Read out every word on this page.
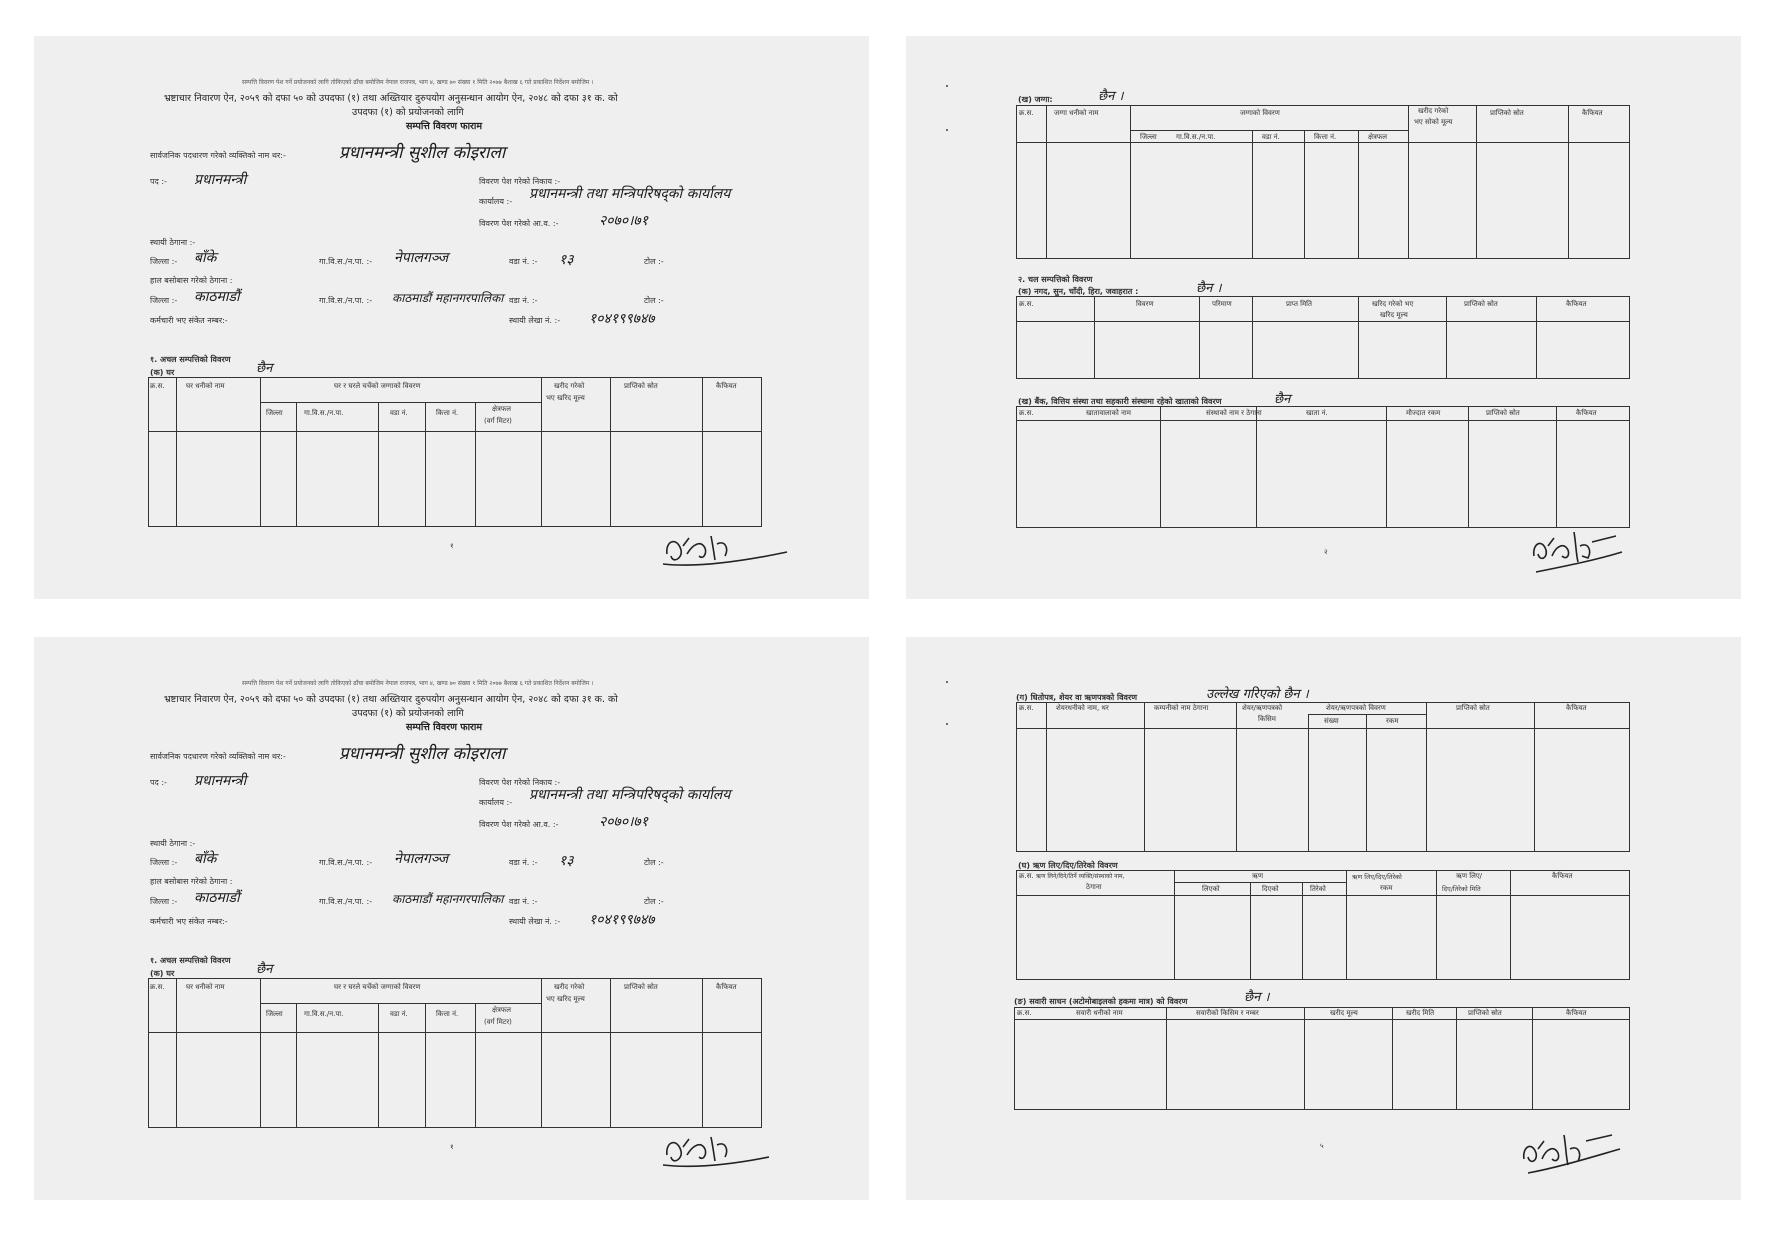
सम्पत्ति विवरण पेश गर्ने प्रयोजनको लागि तोकिएको ढाँचा बमोजिम नेपाल राजपत्र, भाग ४, खण्ड ७० संख्या १ मिति २०७७ बैशाख ६ गते प्रकाशित निर्देशन बमोजिम ।
भ्रष्टाचार निवारण ऐन, २०५९ को दफा ५० को उपदफा (१) तथा अख्तियार दुरुपयोग अनुसन्धान आयोग ऐन, २०४८ को दफा ३१ क. को
उपदफा (१) को प्रयोजनको लागि
सम्पत्ति विवरण फाराम
सार्वजनिक पदधारण गरेको व्यक्तिको नाम थर:-	प्रधानमन्त्री सुशील कोइराला
पद :- प्रधानमन्त्री	विवरण पेश गरेको निकाय :-
कार्यालय :- प्रधानमन्त्री तथा मन्त्रिपरिषद्को कार्यालय
विवरण पेश गरेको आ.व. :-	२०७०।७१
स्थायी ठेगाना :-
जिल्ला :- बाँके	गा.वि.स./न.पा. :- नेपालगञ्ज	वडा नं. :- १३	टोल :-
हाल बसोबास गरेको ठेगाना :
जिल्ला :- काठमाडौं	गा.वि.स./न.पा. :- काठमाडौं महानगरपालिका वडा नं. :-	टोल :-
कर्मचारी भए संकेत नम्बर:-	स्थायी लेखा नं. :- १०४१९९७४७
१. अचल सम्पत्तिको विवरण
(क) घर	छैन
क्र.स.	घर धनीको नाम	घर र घरले चर्चेको जग्गाको विवरण
जिल्ला	गा.वि.स./न.पा.	वडा नं.	कित्ता नं.	क्षेत्रफल
(वर्ग मिटर)
खरीद गरेको
भए खरिद मूल्य
प्राप्तिको स्रोत	कैफियत
१
(ख) जग्गा:	छैन ।
क्र.स.	जग्गा धनीको नाम	जग्गाको विवरण
जिल्ला	गा.वि.स./न.पा.	वडा नं.	कित्ता नं.	क्षेत्रफल
खरीद गरेको
भए सोको मूल्य
प्राप्तिको स्रोत	कैफियत
२. चल सम्पत्तिको विवरण
(क) नगद, सुन, चाँदी, हिरा, जवाहरात :	छैन ।
क्र.स.	विवरण	परिमाण	प्राप्त मिति	खरिद गरेको भए
खरिद मूल्य
प्राप्तिको स्रोत	कैफियत
(ख) बैंक, वित्तिय संस्था तथा सहकारी संस्थामा रहेको खाताको विवरण	छैन
क्र.स.	खातावालाको नाम	संस्थाको नाम र ठेगाना	खाता नं.	मौज्दात रकम	प्राप्तिको स्रोत	कैफियत
२
सम्पत्ति विवरण पेश गर्ने प्रयोजनको लागि तोकिएको ढाँचा बमोजिम नेपाल राजपत्र, भाग ४, खण्ड ७० संख्या १ मिति २०७७ बैशाख ६ गते प्रकाशित निर्देशन बमोजिम ।
भ्रष्टाचार निवारण ऐन, २०५९ को दफा ५० को उपदफा (१) तथा अख्तियार दुरुपयोग अनुसन्धान आयोग ऐन, २०४८ को दफा ३१ क. को
उपदफा (१) को प्रयोजनको लागि
सम्पत्ति विवरण फाराम
सार्वजनिक पदधारण गरेको व्यक्तिको नाम थर:-	प्रधानमन्त्री सुशील कोइराला
पद :- प्रधानमन्त्री	विवरण पेश गरेको निकाय :-
कार्यालय :- प्रधानमन्त्री तथा मन्त्रिपरिषद्को कार्यालय
विवरण पेश गरेको आ.व. :-	२०७०।७१
स्थायी ठेगाना :-
जिल्ला :- बाँके	गा.वि.स./न.पा. :- नेपालगञ्ज	वडा नं. :- १३	टोल :-
हाल बसोबास गरेको ठेगाना :
जिल्ला :- काठमाडौं	गा.वि.स./न.पा. :- काठमाडौं महानगरपालिका वडा नं. :-	टोल :-
कर्मचारी भए संकेत नम्बर:-	स्थायी लेखा नं. :- १०४१९९७४७
१. अचल सम्पत्तिको विवरण
(क) घर	छैन
क्र.स.	घर धनीको नाम	घर र घरले चर्चेको जग्गाको विवरण
जिल्ला	गा.वि.स./न.पा.	वडा नं.	कित्ता नं.	क्षेत्रफल
(वर्ग मिटर)
खरीद गरेको
भए खरिद मूल्य
प्राप्तिको स्रोत	कैफियत
१
(ग) धितोपत्र, शेयर वा ऋणपत्रको विवरण	उल्लेख गरिएको छैन ।
क्र.स.	शेयरधनीको नाम, थर	कम्पनीको नाम ठेगाना	शेयर/ऋणपत्रको
किसिम
शेयर/ऋणपत्रको विवरण
संख्या	रकम
प्राप्तिको स्रोत	कैफियत
(घ) ऋण लिए/दिए/तिरेको विवरण
क्र.स. ऋण लिने/दिने/तिर्ने व्यक्ति/संस्थाको नाम,
ठेगाना
ऋण
लिएको	दिएको	तिरेको
ऋण लिए/दिए/तिरेको
रकम
ऋण लिए/
दिए/तिरेको मिति
कैफियत
(ङ) सवारी साधन (अटोमोबाइलको हकमा मात्र) को विवरण	छैन ।
क्र.स.	सवारी धनीको नाम	सवारीको किसिम र नम्बर	खरीद मूल्य	खरीद मिति	प्राप्तिको स्रोत	कैफियत
५
